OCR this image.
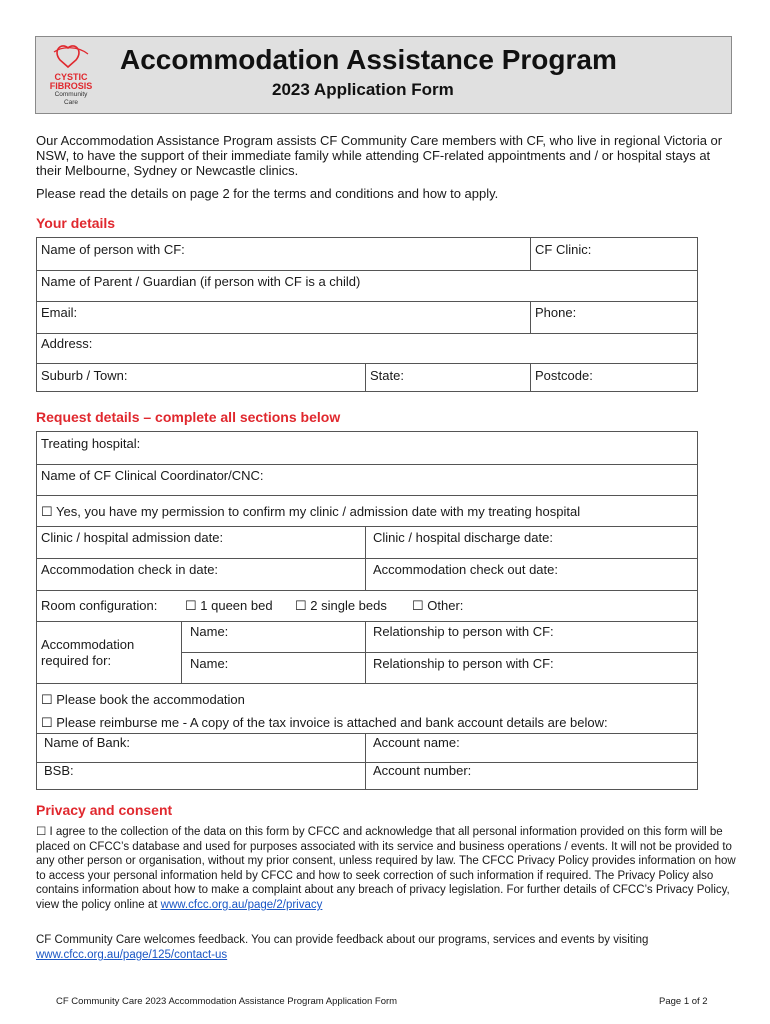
CYSTIC
FIBROSIS
Community
Care
Accommodation Assistance Program
2023 Application Form
Our Accommodation Assistance Program assists CF Community Care members with CF, who live in regional Victoria or NSW, to have the support of their immediate family while attending CF-related appointments and / or hospital stays at their Melbourne, Sydney or Newcastle clinics.
Please read the details on page 2 for the terms and conditions and how to apply.
Your details
Name of person with CF:	CF Clinic:
Name of Parent / Guardian (if person with CF is a child)
Email:	Phone:
Address:
Suburb / Town:	State:	Postcode:
Request details – complete all sections below
Treating hospital:
Name of CF Clinical Coordinator/CNC:
☐ Yes, you have my permission to confirm my clinic / admission date with my treating hospital
Clinic / hospital admission date:	Clinic / hospital discharge date:
Accommodation check in date:	Accommodation check out date:
Room configuration: ☐ 1 queen bed ☐ 2 single beds ☐ Other:
Accommodation required for:
Name:	Relationship to person with CF:
Name:	Relationship to person with CF:
☐ Please book the accommodation
☐ Please reimburse me - A copy of the tax invoice is attached and bank account details are below:
Name of Bank:	Account name:
BSB:	Account number:
Privacy and consent
☐ I agree to the collection of the data on this form by CFCC and acknowledge that all personal information provided on this form will be placed on CFCC’s database and used for purposes associated with its service and business operations / events. It will not be provided to any other person or organisation, without my prior consent, unless required by law. The CFCC Privacy Policy provides information on how to access your personal information held by CFCC and how to seek correction of such information if required. The Privacy Policy also contains information about how to make a complaint about any breach of privacy legislation. For further details of CFCC’s Privacy Policy, view the policy online at www.cfcc.org.au/page/2/privacy
CF Community Care welcomes feedback. You can provide feedback about our programs, services and events by visiting
www.cfcc.org.au/page/125/contact-us
CF Community Care 2023 Accommodation Assistance Program Application Form	Page 1 of 2
